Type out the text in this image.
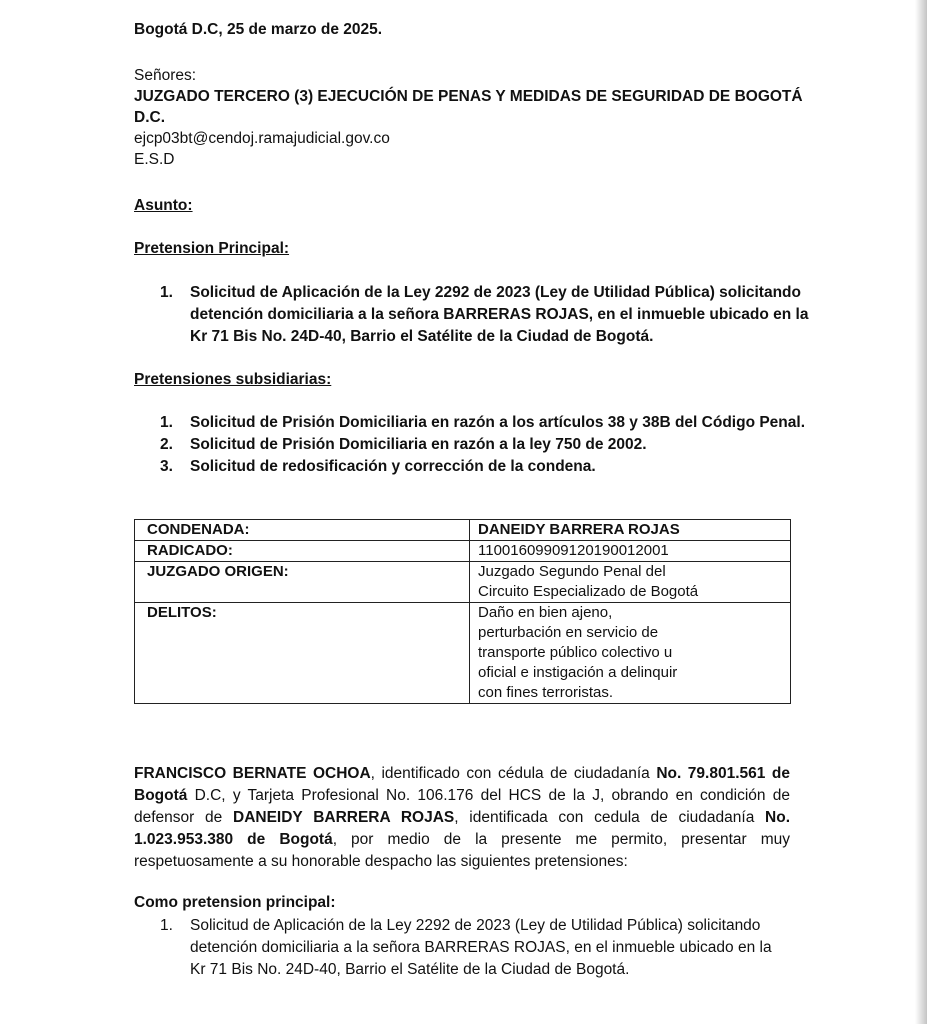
Bogotá D.C, 25 de marzo de 2025.
Señores:
JUZGADO TERCERO (3) EJECUCIÓN DE PENAS Y MEDIDAS DE SEGURIDAD DE BOGOTÁ
D.C.
ejcp03bt@cendoj.ramajudicial.gov.co
E.S.D
Asunto:
Pretension Principal:
1. Solicitud de Aplicación de la Ley 2292 de 2023 (Ley de Utilidad Pública) solicitando
detención domiciliaria a la señora BARRERAS ROJAS, en el inmueble ubicado en la
Kr 71 Bis No. 24D-40, Barrio el Satélite de la Ciudad de Bogotá.
Pretensiones subsidiarias:
1. Solicitud de Prisión Domiciliaria en razón a los artículos 38 y 38B del Código Penal.
2. Solicitud de Prisión Domiciliaria en razón a la ley 750 de 2002.
3. Solicitud de redosificación y corrección de la condena.
CONDENADA:	DANEIDY BARRERA ROJAS
RADICADO:	11001609909120190012001
JUZGADO ORIGEN:	Juzgado Segundo Penal del
Circuito Especializado de Bogotá

DELITOS:	Daño en bien ajeno,
perturbación en servicio de
transporte público colectivo u
oficial e instigación a delinquir
con fines terroristas.
FRANCISCO BERNATE OCHOA, identificado con cédula de ciudadanía No. 79.801.561 de
Bogotá D.C, y Tarjeta Profesional No. 106.176 del HCS de la J, obrando en condición de
defensor de DANEIDY BARRERA ROJAS, identificada con cedula de ciudadanía No.
1.023.953.380 de Bogotá, por medio de la presente me permito, presentar muy
respetuosamente a su honorable despacho las siguientes pretensiones:
Como pretension principal:
1. Solicitud de Aplicación de la Ley 2292 de 2023 (Ley de Utilidad Pública) solicitando
detención domiciliaria a la señora BARRERAS ROJAS, en el inmueble ubicado en la
Kr 71 Bis No. 24D-40, Barrio el Satélite de la Ciudad de Bogotá.
